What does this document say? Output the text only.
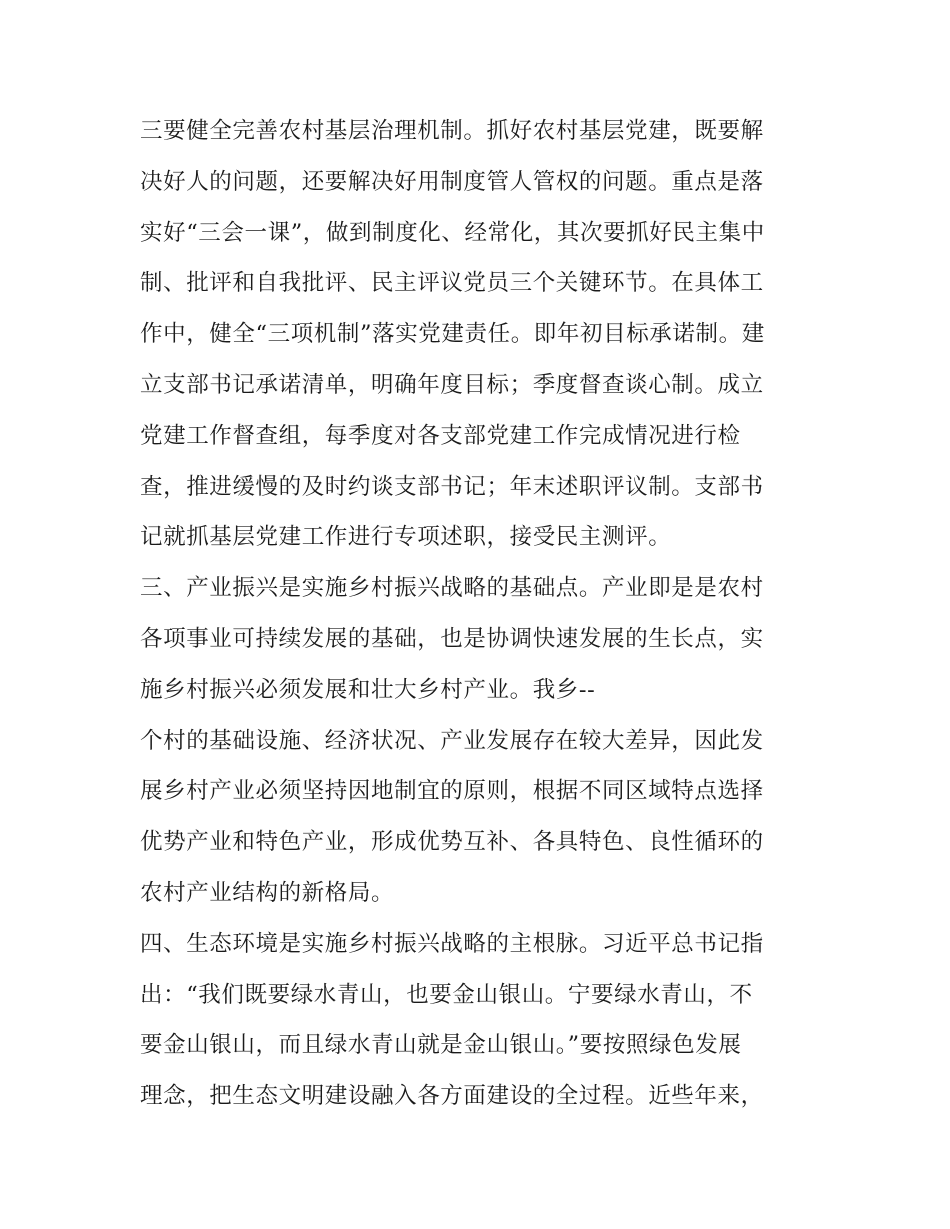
三要健全完善农村基层治理机制。抓好农村基层党建，既要解
决好人的问题，还要解决好用制度管人管权的问题。重点是落
实好“三会一课”，做到制度化、经常化，其次要抓好民主集中
制、批评和自我批评、民主评议党员三个关键环节。在具体工
作中，健全“三项机制”落实党建责任。即年初目标承诺制。建
立支部书记承诺清单，明确年度目标；季度督查谈心制。成立
党建工作督查组，每季度对各支部党建工作完成情况进行检
查，推进缓慢的及时约谈支部书记；年末述职评议制。支部书
记就抓基层党建工作进行专项述职，接受民主测评。
三、产业振兴是实施乡村振兴战略的基础点。产业即是是农村
各项事业可持续发展的基础，也是协调快速发展的生长点，实
施乡村振兴必须发展和壮大乡村产业。我乡--
个村的基础设施、经济状况、产业发展存在较大差异，因此发
展乡村产业必须坚持因地制宜的原则，根据不同区域特点选择
优势产业和特色产业，形成优势互补、各具特色、良性循环的
农村产业结构的新格局。
四、生态环境是实施乡村振兴战略的主根脉。习近平总书记指
出：“我们既要绿水青山，也要金山银山。宁要绿水青山，不
要金山银山，而且绿水青山就是金山银山。”要按照绿色发展
理念，把生态文明建设融入各方面建设的全过程。近些年来，
